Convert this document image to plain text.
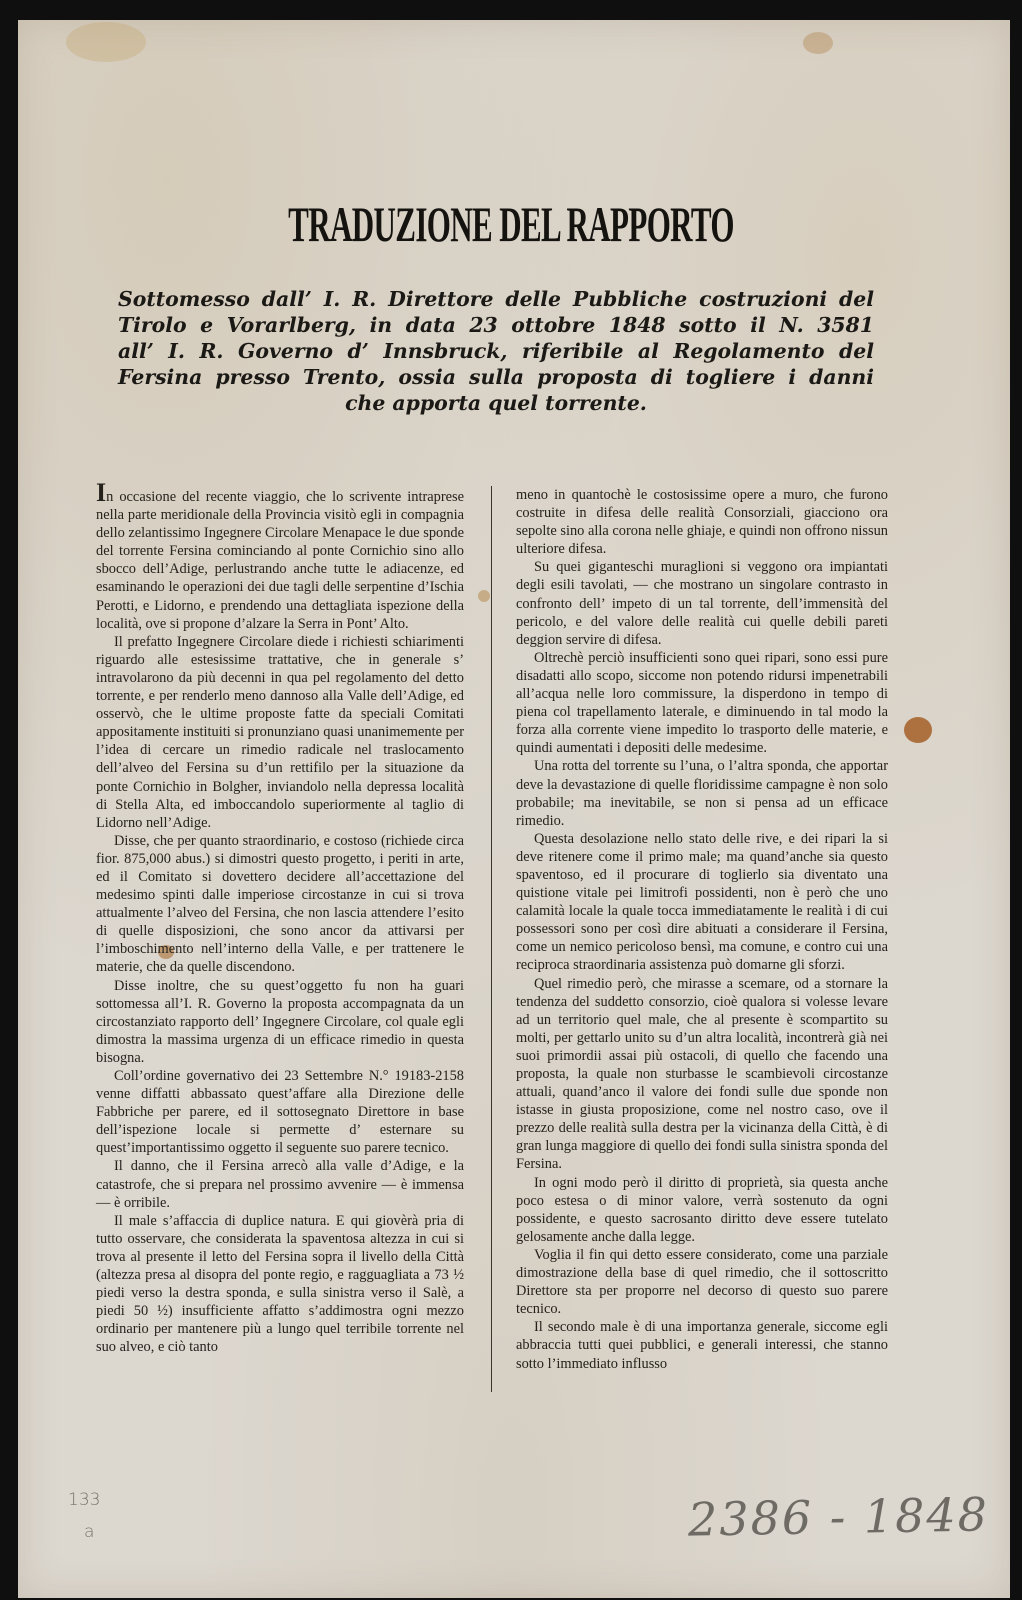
TRADUZIONE DEL RAPPORTO
Sottomesso dall’ I. R. Direttore delle Pubbliche costruzioni del
Tirolo e Vorarlberg, in data 23 ottobre 1848 sotto il N. 3581
all’ I. R. Governo d’ Innsbruck, riferibile al Regolamento del
Fersina presso Trento, ossia sulla proposta di togliere i danni
che apporta quel torrente.

In occasione del recente viaggio, che lo scrivente intraprese nella parte meridionale della Provincia visitò egli in compagnia dello zelantissimo Ingegnere Circolare Menapace le due sponde del torrente Fersina cominciando al ponte Cornichio sino allo sbocco dell’Adige, perlustrando anche tutte le adiacenze, ed esaminando le operazioni dei due tagli delle serpentine d’Ischia Perotti, e Lidorno, e prendendo una dettagliata ispezione della località, ove si propone d’alzare la Serra in Pont’ Alto.

Il prefatto Ingegnere Circolare diede i richiesti schiarimenti riguardo alle estesissime trattative, che in generale s’ intravolarono da più decenni in qua pel regolamento del detto torrente, e per renderlo meno dannoso alla Valle dell’Adige, ed osservò, che le ultime proposte fatte da speciali Comitati appositamente instituiti si pronunziano quasi unanimemente per l’idea di cercare un rimedio radicale nel traslocamento dell’alveo del Fersina su d’un rettifilo per la situazione da ponte Cornichio in Bolgher, inviandolo nella depressa località di Stella Alta, ed imboccandolo superiormente al taglio di Lidorno nell’Adige.

Disse, che per quanto straordinario, e costoso (richiede circa fior. 875,000 abus.) si dimostri questo progetto, i periti in arte, ed il Comitato si dovettero decidere all’accettazione del medesimo spinti dalle imperiose circostanze in cui si trova attualmente l’alveo del Fersina, che non lascia attendere l’esito di quelle disposizioni, che sono ancor da attivarsi per l’imboschimento nell’interno della Valle, e per trattenere le materie, che da quelle discendono.

Disse inoltre, che su quest’oggetto fu non ha guari sottomessa all’I. R. Governo la proposta accompagnata da un circostanziato rapporto dell’ Ingegnere Circolare, col quale egli dimostra la massima urgenza di un efficace rimedio in questa bisogna.

Coll’ordine governativo dei 23 Settembre N.° 19183-2158 venne diffatti abbassato quest’affare alla Direzione delle Fabbriche per parere, ed il sottosegnato Direttore in base dell’ispezione locale si permette d’ esternare su quest’importantissimo oggetto il seguente suo parere tecnico.

Il danno, che il Fersina arrecò alla valle d’Adige, e la catastrofe, che si prepara nel prossimo avvenire — è immensa — è orribile.

Il male s’affaccia di duplice natura. E qui giovèrà pria di tutto osservare, che considerata la spaventosa altezza in cui si trova al presente il letto del Fersina sopra il livello della Città (altezza presa al disopra del ponte regio, e ragguagliata a 73 ½ piedi verso la destra sponda, e sulla sinistra verso il Salè, a piedi 50 ½) insufficiente affatto s’addimostra ogni mezzo ordinario per mantenere più a lungo quel terribile torrente nel suo alveo, e ciò tanto

meno in quantochè le costosissime opere a muro, che furono costruite in difesa delle realità Consorziali, giacciono ora sepolte sino alla corona nelle ghiaje, e quindi non offrono nissun ulteriore difesa.

Su quei giganteschi muraglioni si veggono ora impiantati degli esili tavolati, — che mostrano un singolare contrasto in confronto dell’ impeto di un tal torrente, dell’immensità del pericolo, e del valore delle realità cui quelle debili pareti deggion servire di difesa.

Oltrechè perciò insufficienti sono quei ripari, sono essi pure disadatti allo scopo, siccome non potendo ridursi impenetrabili all’acqua nelle loro commissure, la disperdono in tempo di piena col trapellamento laterale, e diminuendo in tal modo la forza alla corrente viene impedito lo trasporto delle materie, e quindi aumentati i depositi delle medesime.

Una rotta del torrente su l’una, o l’altra sponda, che apportar deve la devastazione di quelle floridissime campagne è non solo probabile; ma inevitabile, se non si pensa ad un efficace rimedio.

Questa desolazione nello stato delle rive, e dei ripari la si deve ritenere come il primo male; ma quand’anche sia questo spaventoso, ed il procurare di toglierlo sia diventato una quistione vitale pei limitrofi possidenti, non è però che uno calamità locale la quale tocca immediatamente le realità i di cui possessori sono per così dire abituati a considerare il Fersina, come un nemico pericoloso bensì, ma comune, e contro cui una reciproca straordinaria assistenza può domarne gli sforzi.

Quel rimedio però, che mirasse a scemare, od a stornare la tendenza del suddetto consorzio, cioè qualora si volesse levare ad un territorio quel male, che al presente è scompartito su molti, per gettarlo unito su d’un altra località, incontrerà già nei suoi primordii assai più ostacoli, di quello che facendo una proposta, la quale non sturbasse le scambievoli circostanze attuali, quand’anco il valore dei fondi sulle due sponde non istasse in giusta proposizione, come nel nostro caso, ove il prezzo delle realità sulla destra per la vicinanza della Città, è di gran lunga maggiore di quello dei fondi sulla sinistra sponda del Fersina.

In ogni modo però il diritto di proprietà, sia questa anche poco estesa o di minor valore, verrà sostenuto da ogni possidente, e questo sacrosanto diritto deve essere tutelato gelosamente anche dalla legge.

Voglia il fin qui detto essere considerato, come una parziale dimostrazione della base di quel rimedio, che il sottoscritto Direttore sta per proporre nel decorso di questo suo parere tecnico.

Il secondo male è di una importanza generale, siccome egli abbraccia tutti quei pubblici, e generali interessi, che stanno sotto l’immediato influsso

133
a	2386 - 1848
